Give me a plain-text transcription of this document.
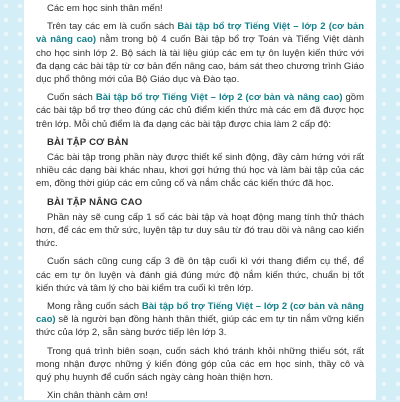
Các em học sinh thân mến!

Trên tay các em là cuốn sách Bài tập bổ trợ Tiếng Việt – lớp 2 (cơ bản và nâng cao) nằm trong bộ 4 cuốn Bài tập bổ trợ Toán và Tiếng Việt dành cho học sinh lớp 2. Bộ sách là tài liệu giúp các em tự ôn luyện kiến thức với đa dạng các bài tập từ cơ bản đến nâng cao, bám sát theo chương trình Giáo dục phổ thông mới của Bộ Giáo dục và Đào tạo.

Cuốn sách Bài tập bổ trợ Tiếng Việt – lớp 2 (cơ bản và nâng cao) gồm các bài tập bổ trợ theo đúng các chủ điểm kiến thức mà các em đã được học trên lớp. Mỗi chủ điểm là đa dạng các bài tập được chia làm 2 cấp độ:

BÀI TẬP CƠ BẢN

Các bài tập trong phần này được thiết kế sinh động, đầy cảm hứng với rất nhiều các dạng bài khác nhau, khơi gợi hứng thú học và làm bài tập của các em, đồng thời giúp các em củng cố và nắm chắc các kiến thức đã học.

BÀI TẬP NÂNG CAO

Phần này sẽ cung cấp 1 số các bài tập và hoạt động mang tính thử thách hơn, để các em thử sức, luyện tập tư duy sâu từ đó trau dồi và nâng cao kiến thức.

Cuốn sách cũng cung cấp 3 đề ôn tập cuối kì với thang điểm cụ thể, để các em tự ôn luyện và đánh giá đúng mức độ nắm kiến thức, chuẩn bị tốt kiến thức và tâm lý cho bài kiểm tra cuối kì trên lớp.

Mong rằng cuốn sách Bài tập bổ trợ Tiếng Việt – lớp 2 (cơ bản và nâng cao) sẽ là người bạn đồng hành thân thiết, giúp các em tự tin nắm vững kiến thức của lớp 2, sẵn sàng bước tiếp lên lớp 3.

Trong quá trình biên soạn, cuốn sách khó tránh khỏi những thiếu sót, rất mong nhận được những ý kiến đóng góp của các em học sinh, thầy cô và quý phụ huynh để cuốn sách ngày càng hoàn thiện hơn.

Xin chân thành cảm ơn!
